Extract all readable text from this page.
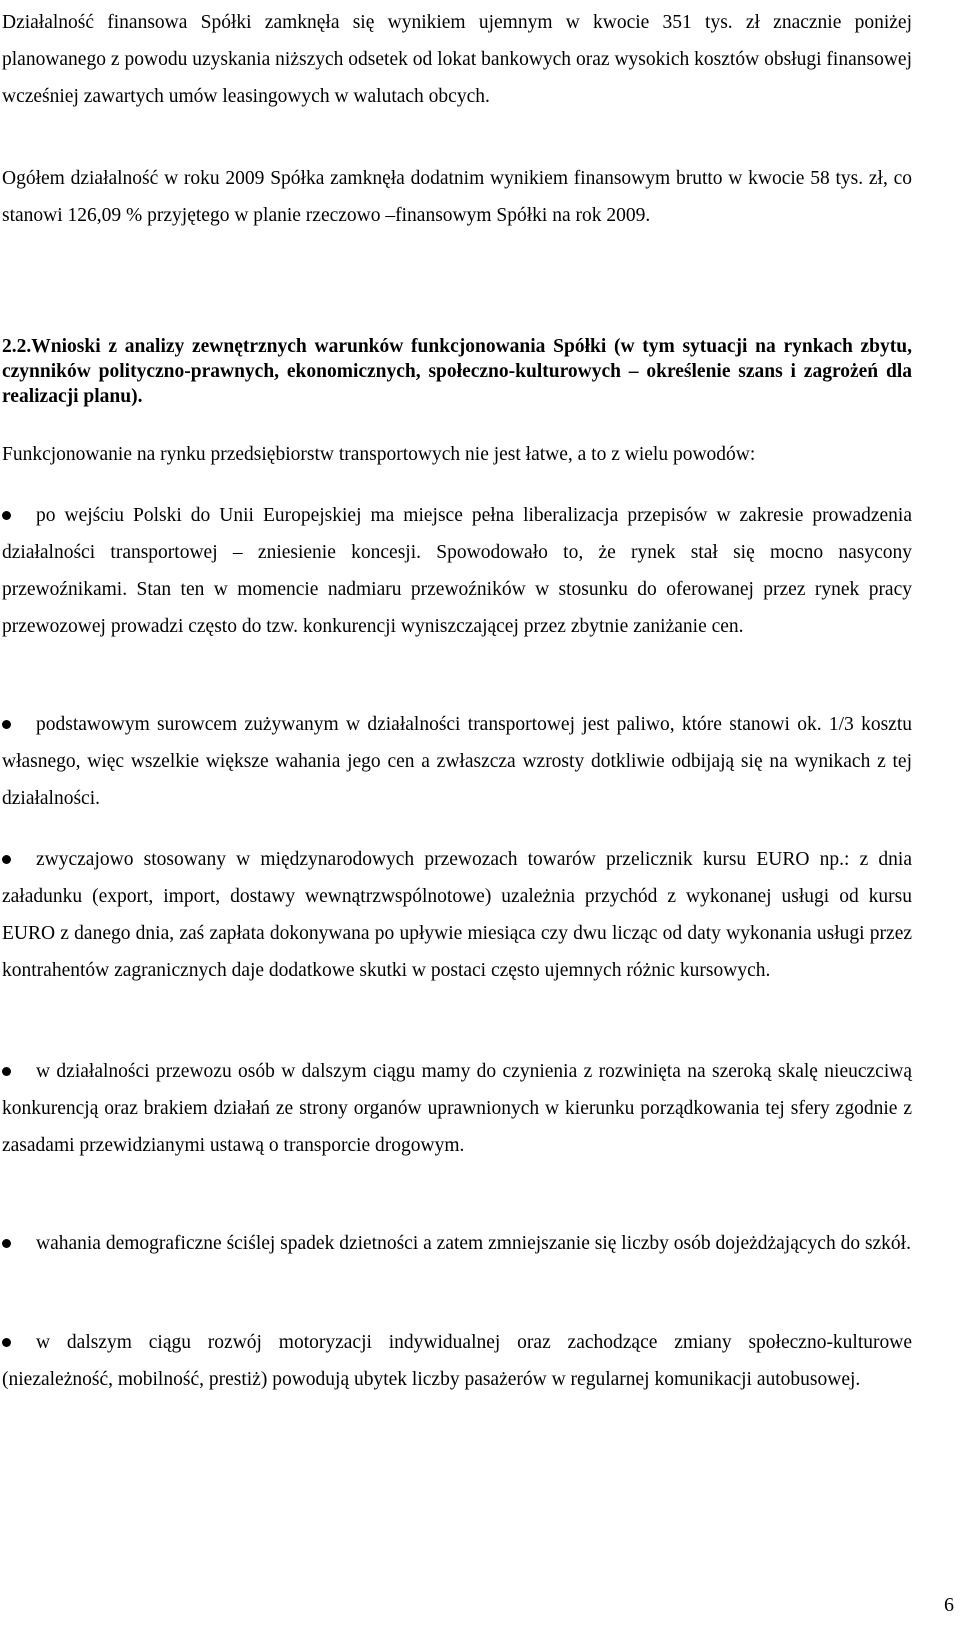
Działalność finansowa Spółki zamknęła się wynikiem ujemnym w kwocie 351 tys. zł znacznie poniżej planowanego z powodu uzyskania niższych odsetek od lokat bankowych oraz wysokich kosztów obsługi finansowej wcześniej zawartych umów leasingowych w walutach obcych.

Ogółem działalność w roku 2009 Spółka zamknęła dodatnim wynikiem finansowym brutto w kwocie 58 tys. zł, co stanowi 126,09 % przyjętego w planie rzeczowo –finansowym Spółki na rok 2009.

2.2.Wnioski z analizy zewnętrznych warunków funkcjonowania Spółki (w tym sytuacji na rynkach zbytu, czynników polityczno-prawnych, ekonomicznych, społeczno-kulturowych – określenie szans i zagrożeń dla realizacji planu).

Funkcjonowanie na rynku przedsiębiorstw transportowych nie jest łatwe, a to z wielu powodów:

po wejściu Polski do Unii Europejskiej ma miejsce pełna liberalizacja przepisów w zakresie prowadzenia działalności transportowej – zniesienie koncesji. Spowodowało to, że rynek stał się mocno nasycony przewoźnikami. Stan ten w momencie nadmiaru przewoźników w stosunku do oferowanej przez rynek pracy przewozowej prowadzi często do tzw. konkurencji wyniszczającej przez zbytnie zaniżanie cen.

podstawowym surowcem zużywanym w działalności transportowej jest paliwo, które stanowi ok. 1/3 kosztu własnego, więc wszelkie większe wahania jego cen a zwłaszcza wzrosty dotkliwie odbijają się na wynikach z tej działalności.

zwyczajowo stosowany w międzynarodowych przewozach towarów przelicznik kursu EURO np.: z dnia załadunku (export, import, dostawy wewnątrzwspólnotowe) uzależnia przychód z wykonanej usługi od kursu EURO z danego dnia, zaś zapłata dokonywana po upływie miesiąca czy dwu licząc od daty wykonania usługi przez kontrahentów zagranicznych daje dodatkowe skutki w postaci często ujemnych różnic kursowych.

w działalności przewozu osób w dalszym ciągu mamy do czynienia z rozwinięta na szeroką skalę nieuczciwą konkurencją oraz brakiem działań ze strony organów uprawnionych w kierunku porządkowania tej sfery zgodnie z zasadami przewidzianymi ustawą o transporcie drogowym.

wahania demograficzne ściślej spadek dzietności a zatem zmniejszanie się liczby osób dojeżdżających do szkół.

w dalszym ciągu rozwój motoryzacji indywidualnej oraz zachodzące zmiany społeczno-kulturowe (niezależność, mobilność, prestiż) powodują ubytek liczby pasażerów w regularnej komunikacji autobusowej.

6
